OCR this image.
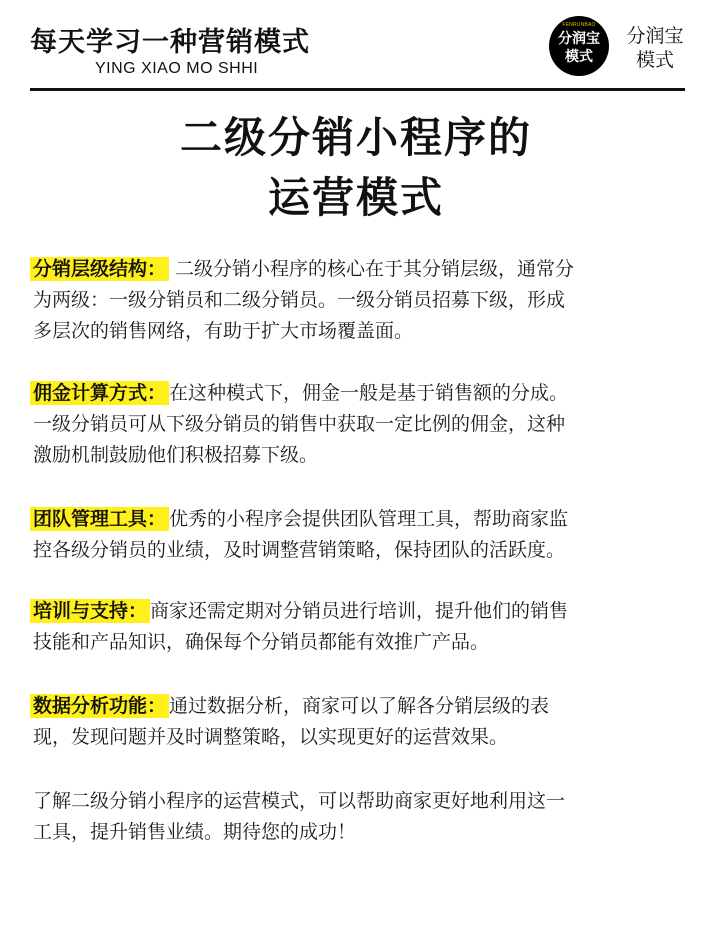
每天学习一种营销模式
YING XIAO MO SHHI
FENRUNBAO
分润宝
模式
分润宝
模式
二级分销小程序的
运营模式
分销层级结构： 二级分销小程序的核心在于其分销层级，通常分
为两级：一级分销员和二级分销员。一级分销员招募下级，形成
多层次的销售网络，有助于扩大市场覆盖面。
佣金计算方式： 在这种模式下，佣金一般是基于销售额的分成。
一级分销员可从下级分销员的销售中获取一定比例的佣金，这种
激励机制鼓励他们积极招募下级。
团队管理工具： 优秀的小程序会提供团队管理工具，帮助商家监
控各级分销员的业绩，及时调整营销策略，保持团队的活跃度。
培训与支持： 商家还需定期对分销员进行培训，提升他们的销售
技能和产品知识，确保每个分销员都能有效推广产品。
数据分析功能： 通过数据分析，商家可以了解各分销层级的表
现，发现问题并及时调整策略，以实现更好的运营效果。
了解二级分销小程序的运营模式，可以帮助商家更好地利用这一
工具，提升销售业绩。期待您的成功！
